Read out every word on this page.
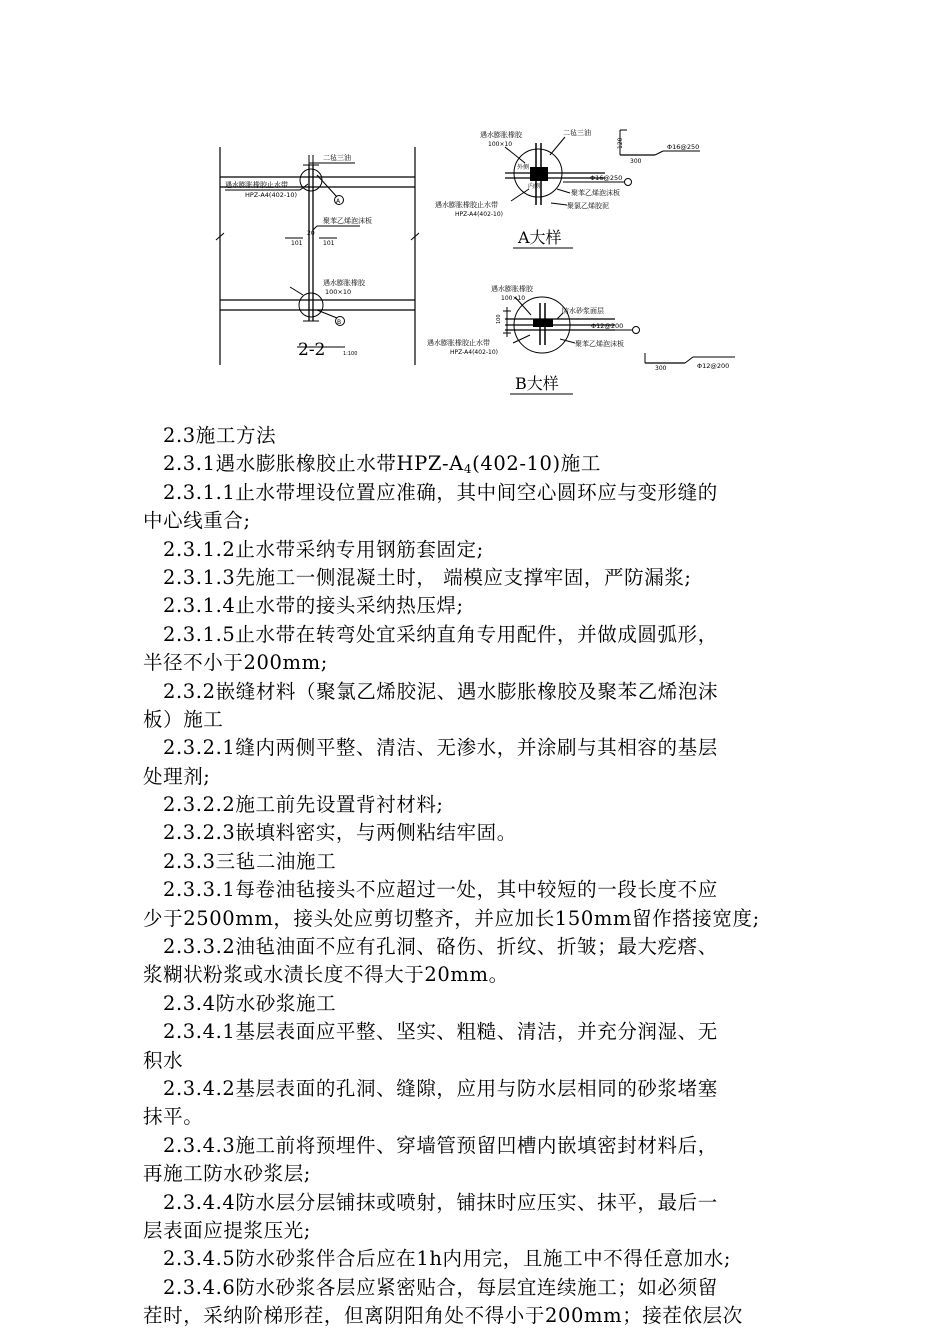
二毡三油
遇水膨胀橡胶止水带
HPZ-A4(402-10)
聚苯乙烯泡沫板
20
101	101
遇水膨胀橡胶
100×10
A
B
2-2	1:100
遇水膨胀橡胶
100×10
二毡三油
外侧
内侧
Φ16@250
聚苯乙烯泡沫板
遇水膨胀橡胶止水带
HPZ-A4(402-10)
聚氯乙烯胶泥
A大样
120
300
Φ16@250
遇水膨胀橡胶
100×10
防水砂浆面层
Φ12@200
聚苯乙烯泡沫板
遇水膨胀橡胶止水带
HPZ-A4(402-10)
100
B大样
300	Φ12@200
2.3施工方法
2.3.1遇水膨胀橡胶止水带HPZ-$A_4(402-10)$施工
2.3.1.1止水带埋设位置应准确，其中间空心圆环应与变形缝的
中心线重合;
2.3.1.2止水带采纳专用钢筋套固定;
2.3.1.3先施工一侧混凝土时， 端模应支撑牢固，严防漏浆;
2.3.1.4止水带的接头采纳热压焊;
2.3.1.5止水带在转弯处宜采纳直角专用配件，并做成圆弧形，
半径不小于200mm;
2.3.2嵌缝材料（聚氯乙烯胶泥、遇水膨胀橡胶及聚苯乙烯泡沫
板）施工
2.3.2.1缝内两侧平整、清洁、无渗水，并涂刷与其相容的基层
处理剂;
2.3.2.2施工前先设置背衬材料;
2.3.2.3嵌填料密实，与两侧粘结牢固。
2.3.3三毡二油施工
2.3.3.1每卷油毡接头不应超过一处，其中较短的一段长度不应
少于2500mm，接头处应剪切整齐，并应加长150mm留作搭接宽度;
2.3.3.2油毡油面不应有孔洞、硌伤、折纹、折皱；最大疙瘩、
浆糊状粉浆或水渍长度不得大于20mm。
2.3.4防水砂浆施工
2.3.4.1基层表面应平整、坚实、粗糙、清洁，并充分润湿、无
积水
2.3.4.2基层表面的孔洞、缝隙，应用与防水层相同的砂浆堵塞
抹平。
2.3.4.3施工前将预埋件、穿墙管预留凹槽内嵌填密封材料后，
再施工防水砂浆层;
2.3.4.4防水层分层铺抹或喷射，铺抹时应压实、抹平，最后一
层表面应提浆压光;
2.3.4.5防水砂浆伴合后应在1h内用完，且施工中不得任意加水;
2.3.4.6防水砂浆各层应紧密贴合，每层宜连续施工；如必须留
茬时，采纳阶梯形茬，但离阴阳角处不得小于200mm；接茬依层次
